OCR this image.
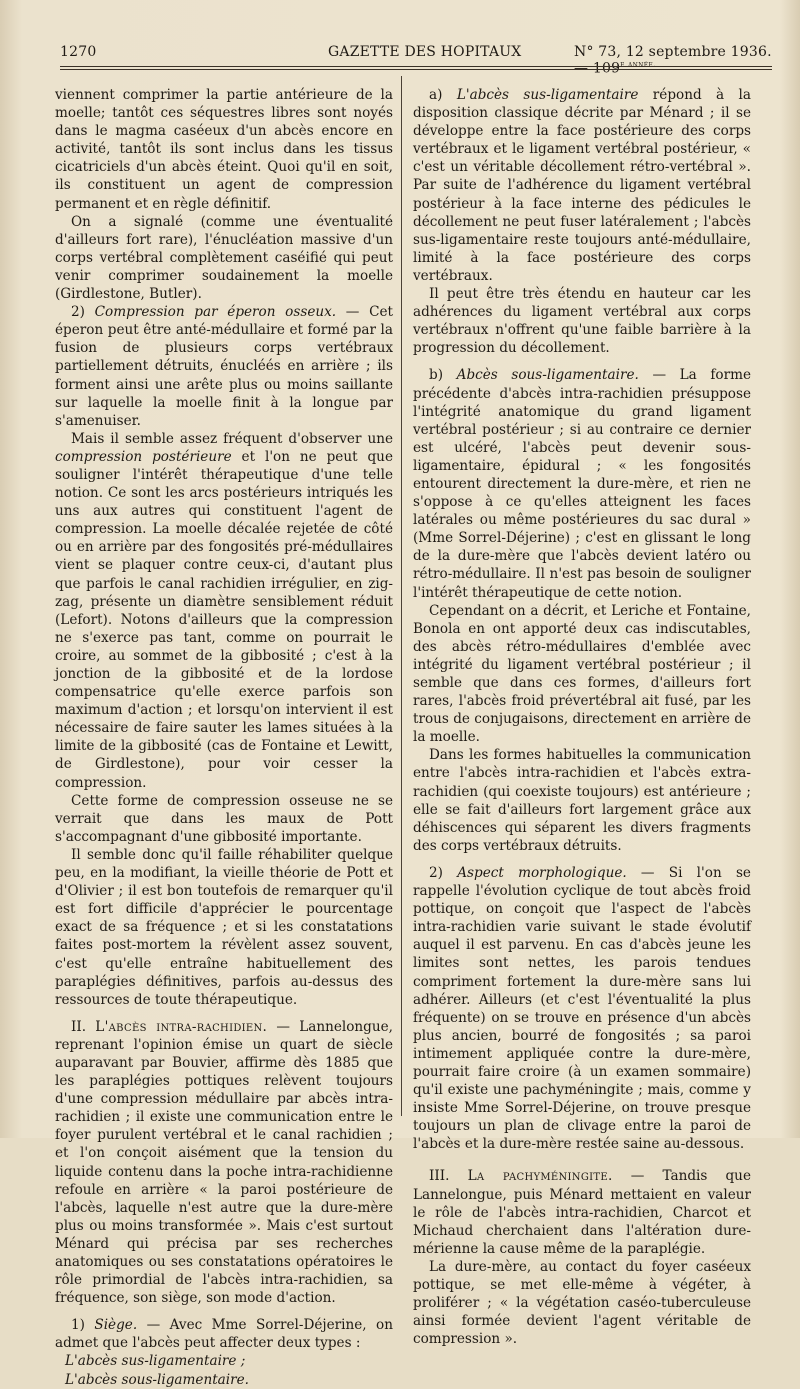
1270	GAZETTE DES HOPITAUX	N° 73, 12 septembre 1936. — $109^{e année.}$

viennent comprimer la partie antérieure de la moelle; tantôt ces séquestres libres sont noyés dans le magma caséeux d'un abcès encore en activité, tantôt ils sont inclus dans les tissus cicatriciels d'un abcès éteint. Quoi qu'il en soit, ils constituent un agent de compression permanent et en règle définitif.

On a signalé (comme une éventualité d'ailleurs fort rare), l'énucléation massive d'un corps vertébral complètement caséifié qui peut venir comprimer soudainement la moelle (Girdlestone, Butler).

2) Compression par éperon osseux. — Cet éperon peut être anté-médullaire et formé par la fusion de plusieurs corps vertébraux partiellement détruits, énucléés en arrière ; ils forment ainsi une arête plus ou moins saillante sur laquelle la moelle finit à la longue par s'amenuiser.

Mais il semble assez fréquent d'observer une compression postérieure et l'on ne peut que souligner l'intérêt thérapeutique d'une telle notion. Ce sont les arcs postérieurs intriqués les uns aux autres qui constituent l'agent de compression. La moelle décalée rejetée de côté ou en arrière par des fongosités pré-médullaires vient se plaquer contre ceux-ci, d'autant plus que parfois le canal rachidien irrégulier, en zig-zag, présente un diamètre sensiblement réduit (Lefort). Notons d'ailleurs que la compression ne s'exerce pas tant, comme on pourrait le croire, au sommet de la gibbosité ; c'est à la jonction de la gibbosité et de la lordose compensatrice qu'elle exerce parfois son maximum d'action ; et lorsqu'on intervient il est nécessaire de faire sauter les lames situées à la limite de la gibbosité (cas de Fontaine et Lewitt, de Girdlestone), pour voir cesser la compression.

Cette forme de compression osseuse ne se verrait que dans les maux de Pott s'accompagnant d'une gibbosité importante.

Il semble donc qu'il faille réhabiliter quelque peu, en la modifiant, la vieille théorie de Pott et d'Olivier ; il est bon toutefois de remarquer qu'il est fort difficile d'apprécier le pourcentage exact de sa fréquence ; et si les constatations faites post-mortem la révèlent assez souvent, c'est qu'elle entraîne habituellement des paraplégies définitives, parfois au-dessus des ressources de toute thérapeutique.

II. L'abcès intra-rachidien. — Lannelongue, reprenant l'opinion émise un quart de siècle auparavant par Bouvier, affirme dès 1885 que les paraplégies pottiques relèvent toujours d'une compression médullaire par abcès intra-rachidien ; il existe une communication entre le foyer purulent vertébral et le canal rachidien ; et l'on conçoit aisément que la tension du liquide contenu dans la poche intra-rachidienne refoule en arrière « la paroi postérieure de l'abcès, laquelle n'est autre que la dure-mère plus ou moins transformée ». Mais c'est surtout Ménard qui précisa par ses recherches anatomiques ou ses constatations opératoires le rôle primordial de l'abcès intra-rachidien, sa fréquence, son siège, son mode d'action.

1) Siège. — Avec Mme Sorrel-Déjerine, on admet que l'abcès peut affecter deux types :

L'abcès sus-ligamentaire ;
L'abcès sous-ligamentaire.

a) L'abcès sus-ligamentaire répond à la disposition classique décrite par Ménard ; il se développe entre la face postérieure des corps vertébraux et le ligament vertébral postérieur, « c'est un véritable décollement rétro-vertébral ». Par suite de l'adhérence du ligament vertébral postérieur à la face interne des pédicules le décollement ne peut fuser latéralement ; l'abcès sus-ligamentaire reste toujours anté-médullaire, limité à la face postérieure des corps vertébraux.

Il peut être très étendu en hauteur car les adhérences du ligament vertébral aux corps vertébraux n'offrent qu'une faible barrière à la progression du décollement.

b) Abcès sous-ligamentaire. — La forme précédente d'abcès intra-rachidien présuppose l'intégrité anatomique du grand ligament vertébral postérieur ; si au contraire ce dernier est ulcéré, l'abcès peut devenir sous-ligamentaire, épidural ; « les fongosités entourent directement la dure-mère, et rien ne s'oppose à ce qu'elles atteignent les faces latérales ou même postérieures du sac dural » (Mme Sorrel-Déjerine) ; c'est en glissant le long de la dure-mère que l'abcès devient latéro ou rétro-médullaire. Il n'est pas besoin de souligner l'intérêt thérapeutique de cette notion.

Cependant on a décrit, et Leriche et Fontaine, Bonola en ont apporté deux cas indiscutables, des abcès rétro-médullaires d'emblée avec intégrité du ligament vertébral postérieur ; il semble que dans ces formes, d'ailleurs fort rares, l'abcès froid prévertébral ait fusé, par les trous de conjugaisons, directement en arrière de la moelle.

Dans les formes habituelles la communication entre l'abcès intra-rachidien et l'abcès extra-rachidien (qui coexiste toujours) est antérieure ; elle se fait d'ailleurs fort largement grâce aux déhiscences qui séparent les divers fragments des corps vertébraux détruits.

2) Aspect morphologique. — Si l'on se rappelle l'évolution cyclique de tout abcès froid pottique, on conçoit que l'aspect de l'abcès intra-rachidien varie suivant le stade évolutif auquel il est parvenu. En cas d'abcès jeune les limites sont nettes, les parois tendues compriment fortement la dure-mère sans lui adhérer. Ailleurs (et c'est l'éventualité la plus fréquente) on se trouve en présence d'un abcès plus ancien, bourré de fongosités ; sa paroi intimement appliquée contre la dure-mère, pourrait faire croire (à un examen sommaire) qu'il existe une pachyméningite ; mais, comme y insiste Mme Sorrel-Déjerine, on trouve presque toujours un plan de clivage entre la paroi de l'abcès et la dure-mère restée saine au-dessous.

III. La pachyméningite. — Tandis que Lannelongue, puis Ménard mettaient en valeur le rôle de l'abcès intra-rachidien, Charcot et Michaud cherchaient dans l'altération dure-mérienne la cause même de la paraplégie.

La dure-mère, au contact du foyer caséeux pottique, se met elle-même à végéter, à proliférer ; « la végétation caséo-tuberculeuse ainsi formée devient l'agent véritable de compression ».
